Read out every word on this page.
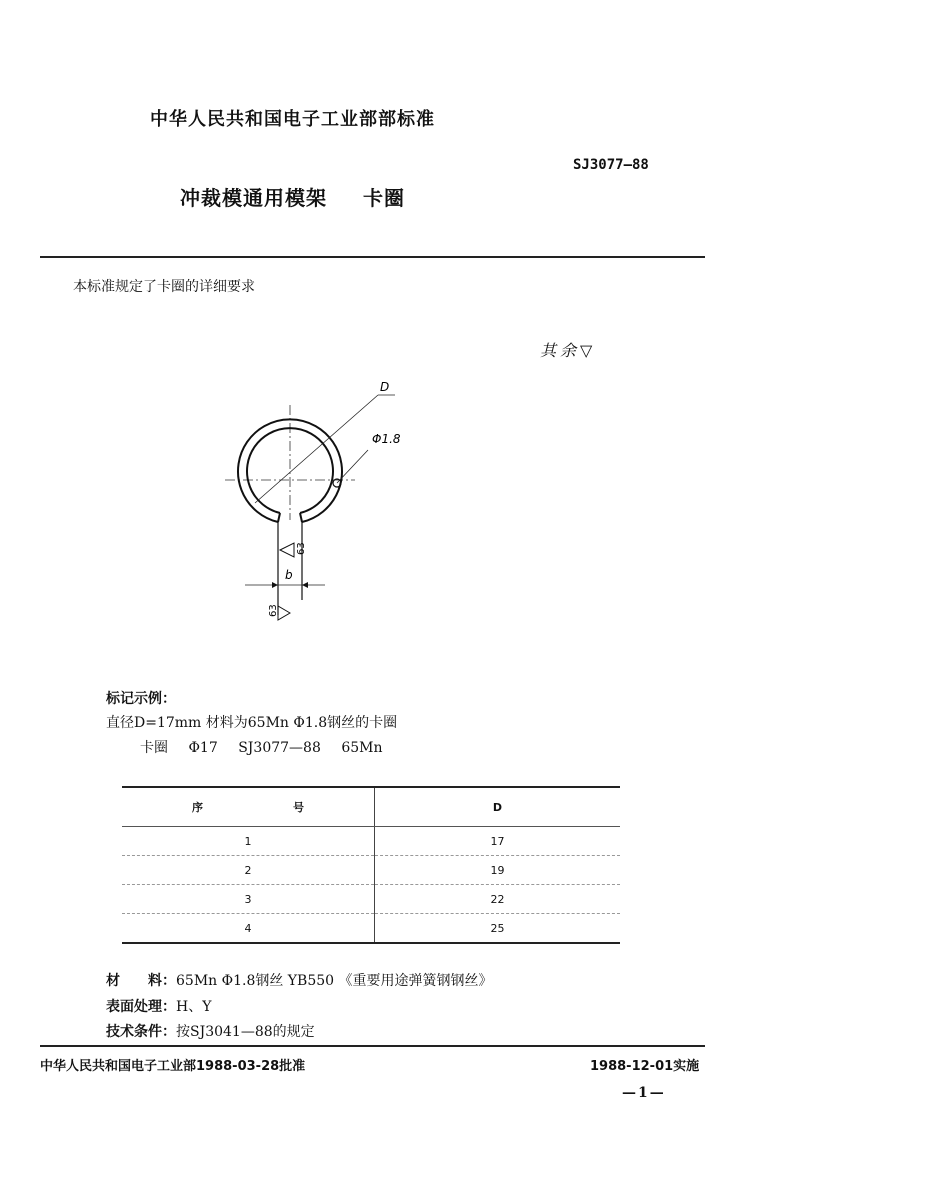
中华人民共和国电子工业部部标准
SJ3077—88
冲裁模通用模架 卡圈
本标准规定了卡圈的详细要求
其余▽
D
Φ1.8
63
b
63
标记示例：
直径D=17mm 材料为65Mn Φ1.8钢丝的卡圈
卡圈 Φ17 SJ3077—88 65Mn
序 号	D
1	17
2	19
3	22
4	25
材　　料：65Mn Φ1.8钢丝 YB550 《重要用途弹簧钢钢丝》
表面处理：H、Y
技术条件：按SJ3041—88的规定
中华人民共和国电子工业部1988-03-28批准	1988-12-01实施
—1—
